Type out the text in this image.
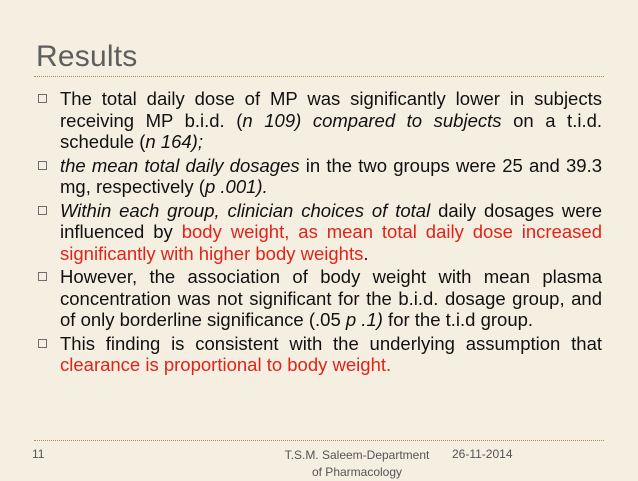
Results
The total daily dose of MP was significantly lower in subjects receiving MP b.i.d. (n 109) compared to subjects on a t.i.d. schedule (n 164);
the mean total daily dosages in the two groups were 25 and 39.3 mg, respectively (p .001).
Within each group, clinician choices of total daily dosages were influenced by body weight, as mean total daily dose increased significantly with higher body weights.
However, the association of body weight with mean plasma concentration was not significant for the b.i.d. dosage group, and of only borderline significance (.05 p .1) for the t.i.d group.
This finding is consistent with the underlying assumption that clearance is proportional to body weight.
11	T.S.M. Saleem-Department of Pharmacology
26-11-2014
